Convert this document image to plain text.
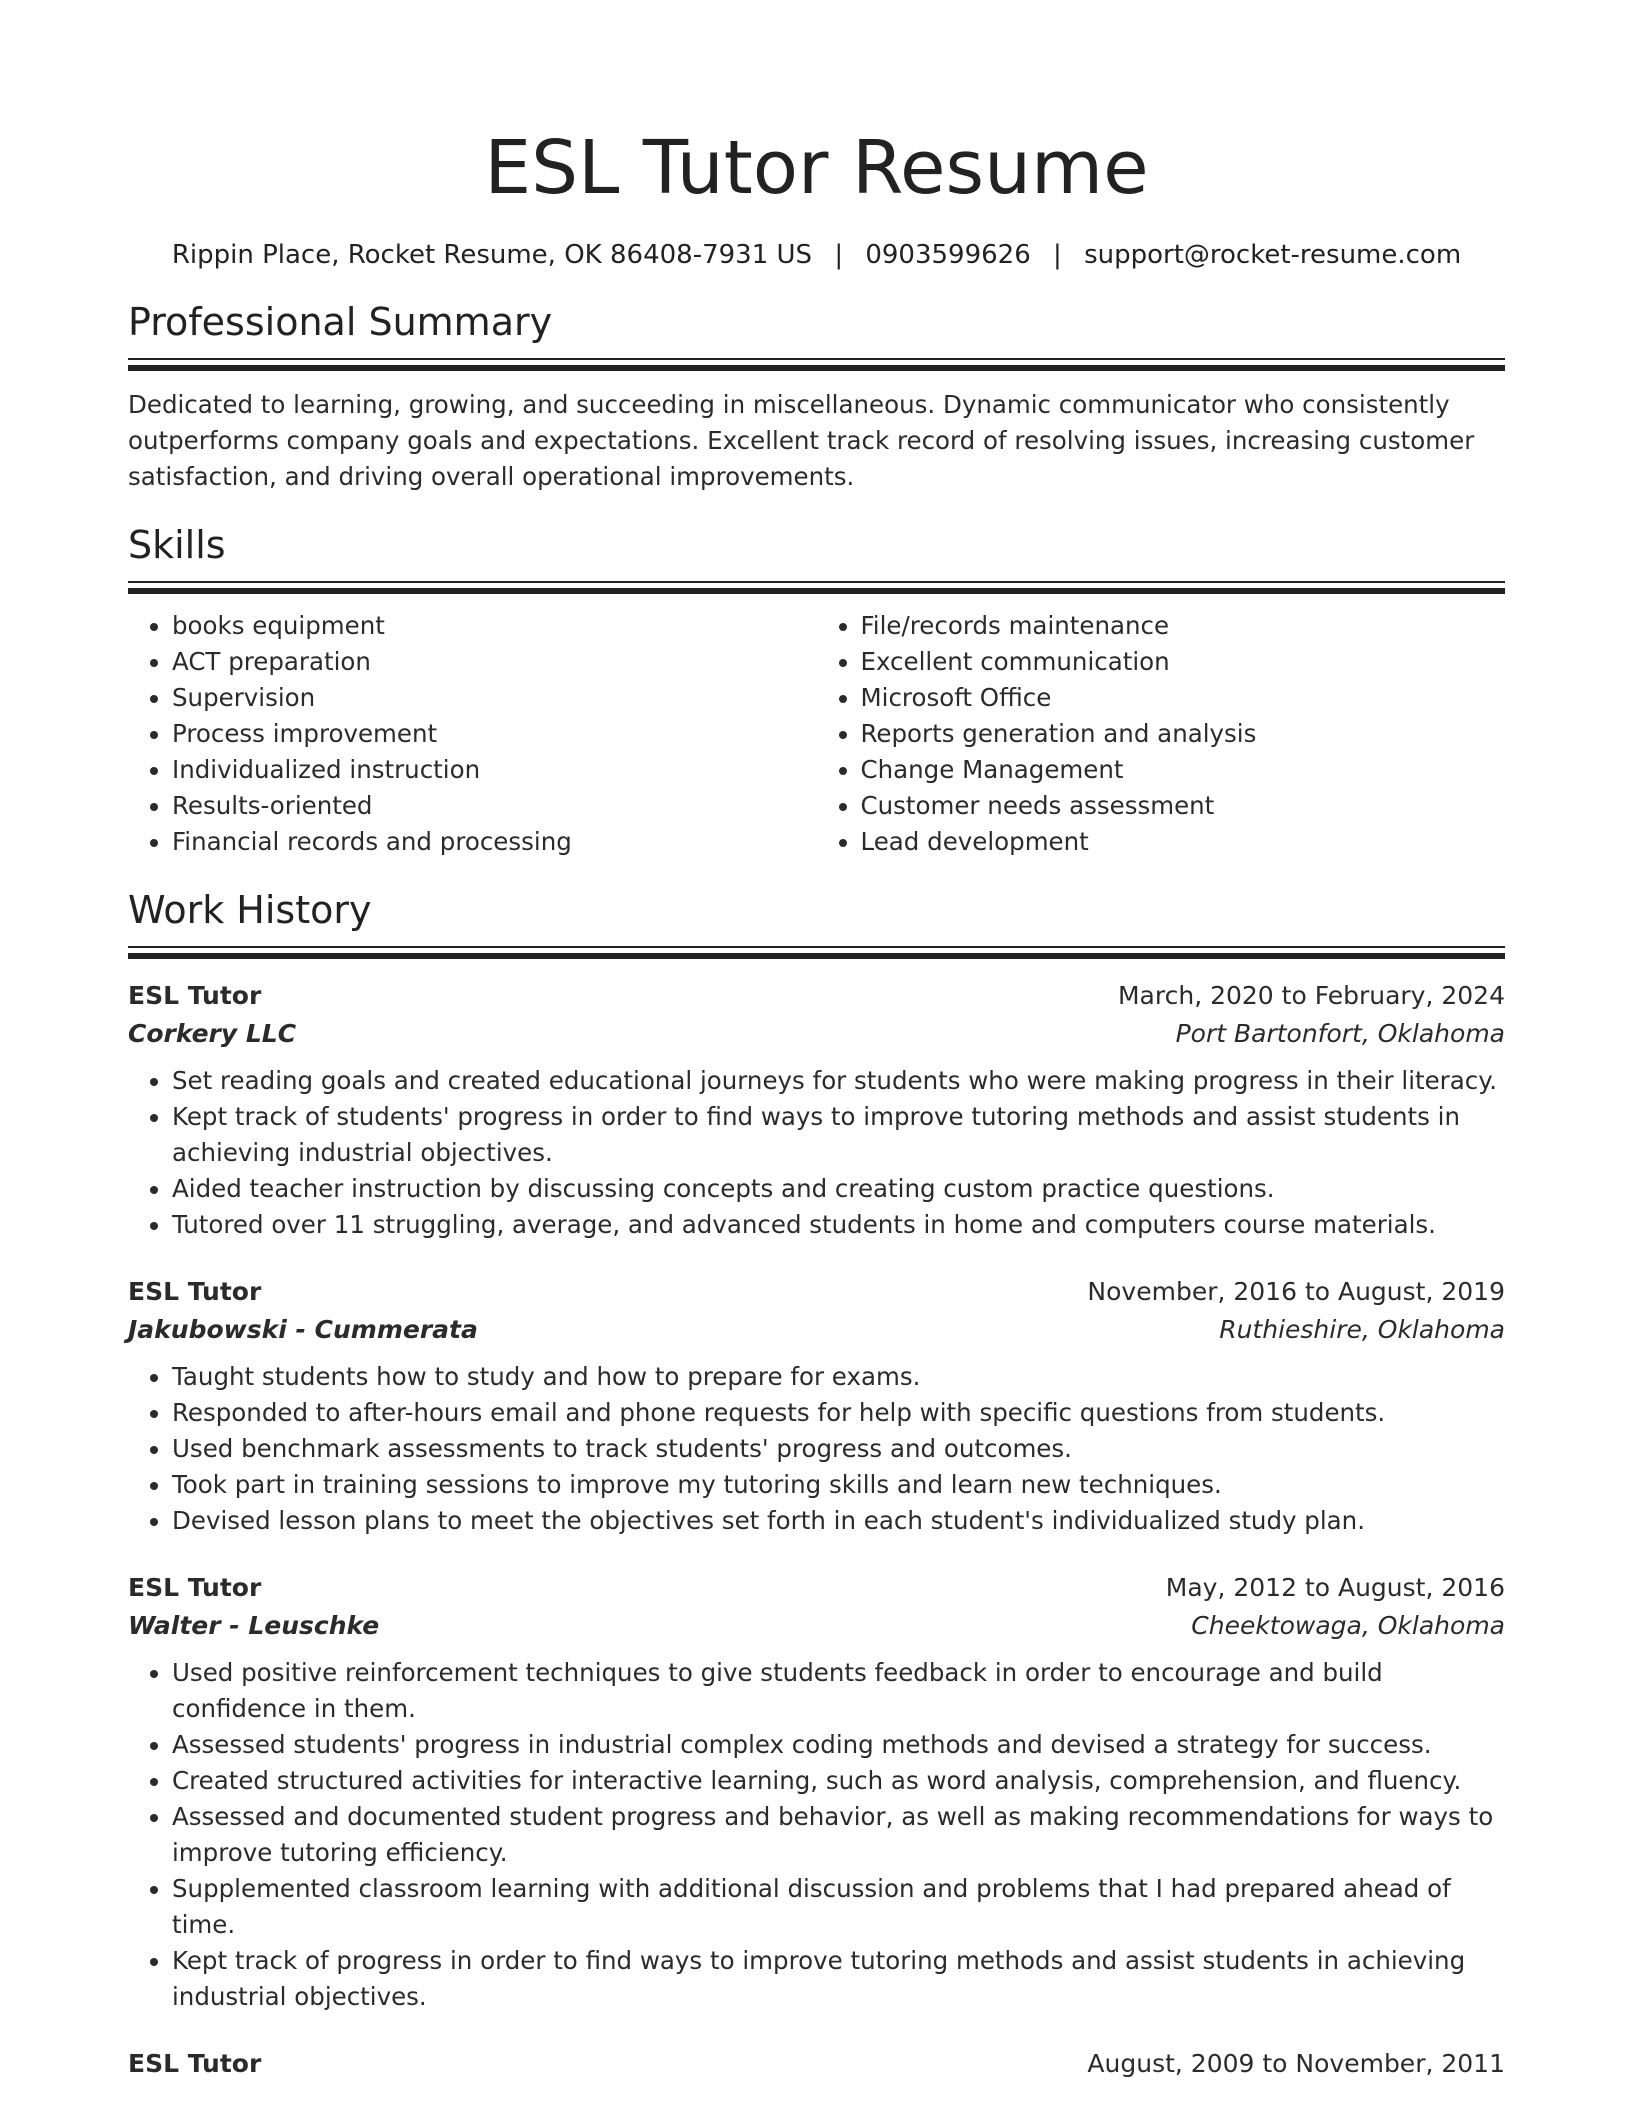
ESL Tutor Resume
Rippin Place, Rocket Resume, OK 86408-7931 US | 0903599626 | support@rocket-resume.com
Professional Summary

Dedicated to learning, growing, and succeeding in miscellaneous. Dynamic communicator who consistently outperforms company goals and expectations. Excellent track record of resolving issues, increasing customer satisfaction, and driving overall operational improvements.

Skills
• books equipment
• ACT preparation
• Supervision
• Process improvement
• Individualized instruction
• Results-oriented
• Financial records and processing
• File/records maintenance
• Excellent communication
• Microsoft Office
• Reports generation and analysis
• Change Management
• Customer needs assessment
• Lead development
Work History
ESL Tutor	March, 2020 to February, 2024
Corkery LLC	Port Bartonfort, Oklahoma
• Set reading goals and created educational journeys for students who were making progress in their literacy.
• Kept track of students' progress in order to find ways to improve tutoring methods and assist students in achieving industrial objectives.
• Aided teacher instruction by discussing concepts and creating custom practice questions.
• Tutored over 11 struggling, average, and advanced students in home and computers course materials.
ESL Tutor	November, 2016 to August, 2019
Jakubowski - Cummerata	Ruthieshire, Oklahoma
• Taught students how to study and how to prepare for exams.
• Responded to after-hours email and phone requests for help with specific questions from students.
• Used benchmark assessments to track students' progress and outcomes.
• Took part in training sessions to improve my tutoring skills and learn new techniques.
• Devised lesson plans to meet the objectives set forth in each student's individualized study plan.
ESL Tutor	May, 2012 to August, 2016
Walter - Leuschke	Cheektowaga, Oklahoma
• Used positive reinforcement techniques to give students feedback in order to encourage and build confidence in them.
• Assessed students' progress in industrial complex coding methods and devised a strategy for success.
• Created structured activities for interactive learning, such as word analysis, comprehension, and fluency.
• Assessed and documented student progress and behavior, as well as making recommendations for ways to improve tutoring efficiency.
• Supplemented classroom learning with additional discussion and problems that I had prepared ahead of time.
• Kept track of progress in order to find ways to improve tutoring methods and assist students in achieving industrial objectives.
ESL Tutor	August, 2009 to November, 2011
